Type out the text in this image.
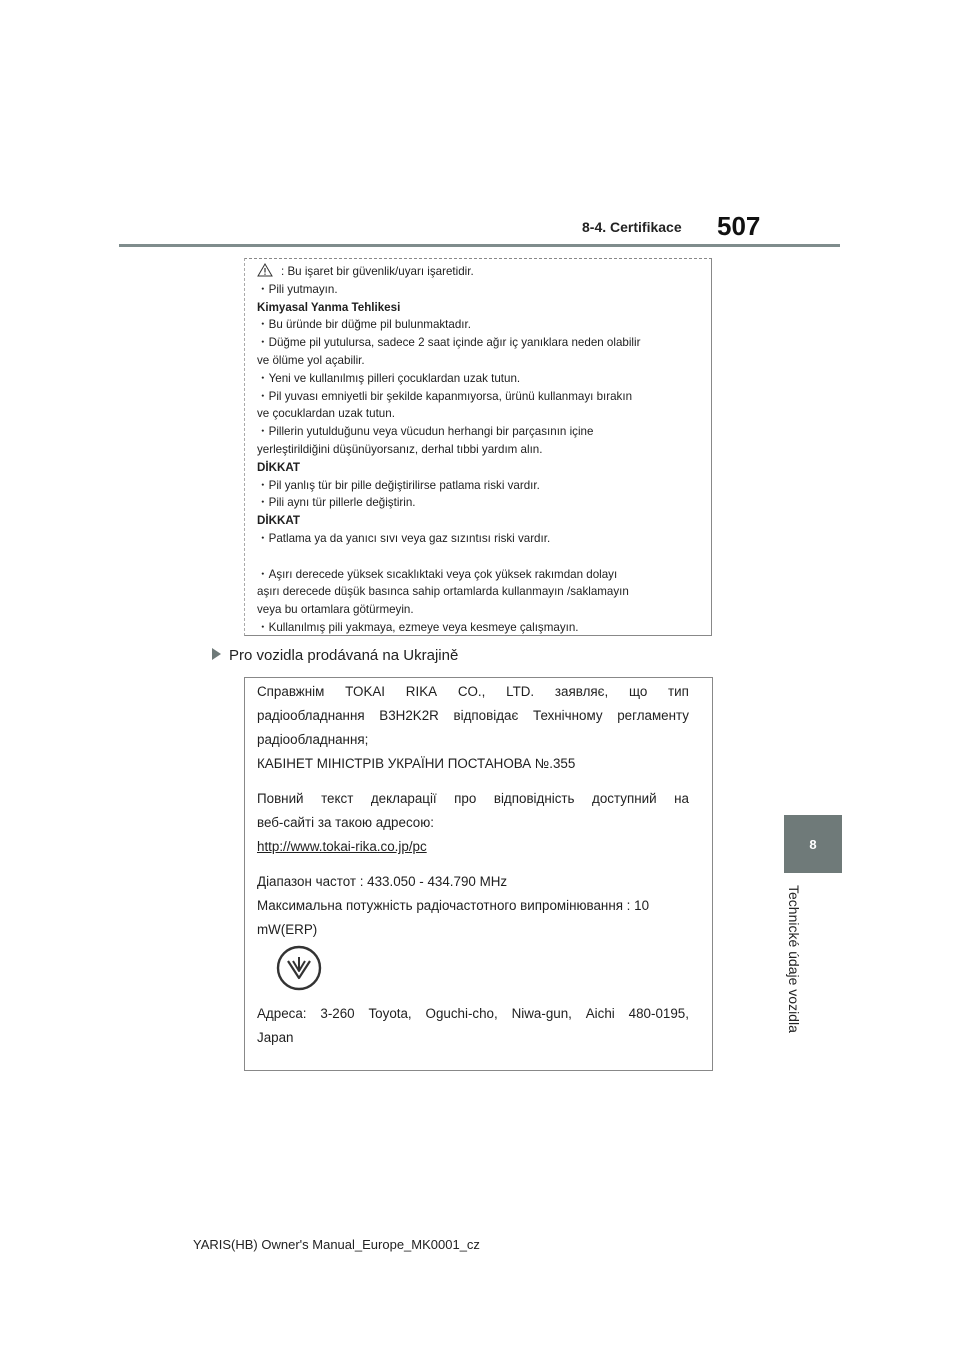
8-4. Certifikace 507
8
Technické údaje vozidla
: Bu işaret bir güvenlik/uyarı işaretidir.
・Pili yutmayın.
Kimyasal Yanma Tehlikesi
・Bu üründe bir düğme pil bulunmaktadır.
・Düğme pil yutulursa, sadece 2 saat içinde ağır iç yanıklara neden olabilir
ve ölüme yol açabilir.
・Yeni ve kullanılmış pilleri çocuklardan uzak tutun.
・Pil yuvası emniyetli bir şekilde kapanmıyorsa, ürünü kullanmayı bırakın
ve çocuklardan uzak tutun.
・Pillerin yutulduğunu veya vücudun herhangi bir parçasının içine
yerleştirildiğini düşünüyorsanız, derhal tıbbi yardım alın.
DİKKAT
・Pil yanlış tür bir pille değiştirilirse patlama riski vardır.
・Pili aynı tür pillerle değiştirin.
DİKKAT
・Patlama ya da yanıcı sıvı veya gaz sızıntısı riski vardır.
・Aşırı derecede yüksek sıcaklıktaki veya çok yüksek rakımdan dolayı
aşırı derecede düşük basınca sahip ortamlarda kullanmayın /saklamayın
veya bu ortamlara götürmeyin.
・Kullanılmış pili yakmaya, ezmeye veya kesmeye çalışmayın.
Pro vozidla prodávaná na Ukrajině
Справжнім TOKAI RIKA CO., LTD. заявляє, що тип
радіообладнання B3H2K2R відповідає Технічному регламенту
радіообладнання;
КАБІНЕТ МІНІСТРІВ УКРАЇНИ ПОСТАНОВА №.355
Повний текст декларації про відповідність доступний на
веб-сайті за такою адресою:
http://www.tokai-rika.co.jp/pc
Діапазон частот : 433.050 - 434.790 MHz
Максимальна потужність радіочастотного випромінювання : 10
mW(ERP)
Адреса: 3-260 Toyota, Oguchi-cho, Niwa-gun, Aichi 480-0195,
Japan
YARIS(HB) Owner's Manual_Europe_MK0001_cz
